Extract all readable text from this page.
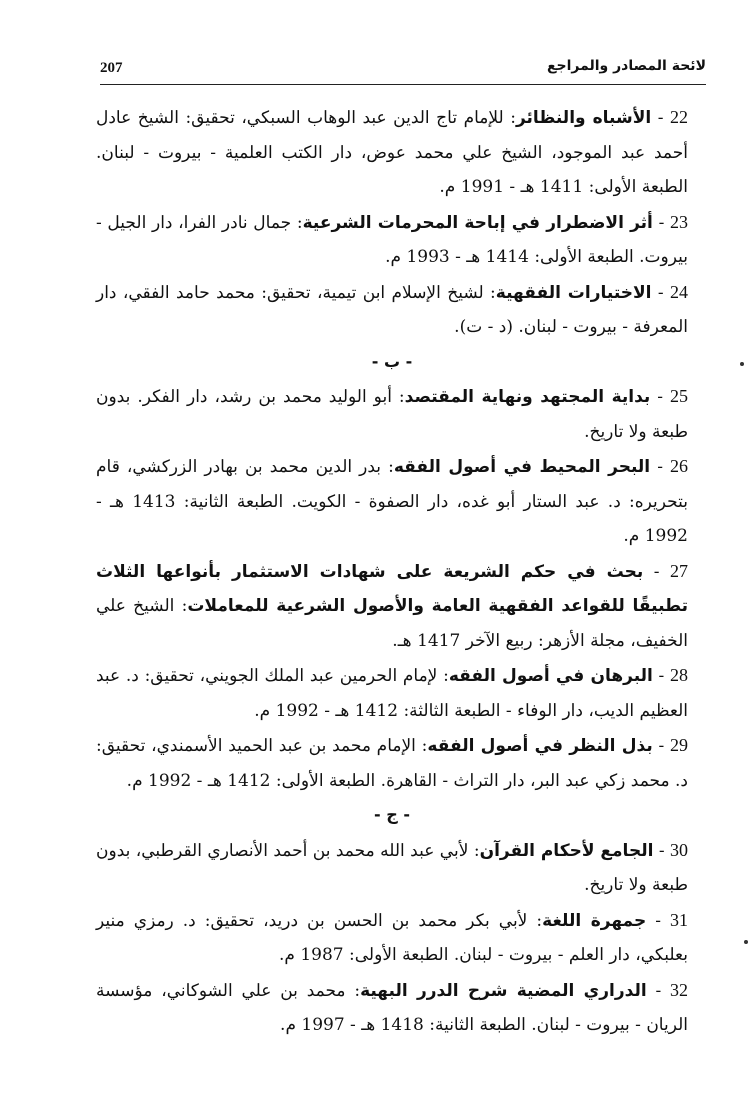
207	لائحة المصادر والمراجع

22 - الأشباه والنظائر: للإمام تاج الدين عبد الوهاب السبكي، تحقيق: الشيخ عادل أحمد عبد الموجود، الشيخ علي محمد عوض، دار الكتب العلمية - بيروت - لبنان. الطبعة الأولى: 1411 هـ - 1991 م.

23 - أثر الاضطرار في إباحة المحرمات الشرعية: جمال نادر الفرا، دار الجيل - بيروت. الطبعة الأولى: 1414 هـ - 1993 م.

24 - الاختيارات الفقهية: لشيخ الإسلام ابن تيمية، تحقيق: محمد حامد الفقي، دار المعرفة - بيروت - لبنان. (د - ت).

- ب -

25 - بداية المجتهد ونهاية المقتصد: أبو الوليد محمد بن رشد، دار الفكر. بدون طبعة ولا تاريخ.

26 - البحر المحيط في أصول الفقه: بدر الدين محمد بن بهادر الزركشي، قام بتحريره: د. عبد الستار أبو غده، دار الصفوة - الكويت. الطبعة الثانية: 1413 هـ - 1992 م.

27 - بحث في حكم الشريعة على شهادات الاستثمار بأنواعها الثلاث تطبيقًا للقواعد الفقهية العامة والأصول الشرعية للمعاملات: الشيخ علي الخفيف، مجلة الأزهر: ربيع الآخر 1417 هـ.

28 - البرهان في أصول الفقه: لإمام الحرمين عبد الملك الجويني، تحقيق: د. عبد العظيم الديب، دار الوفاء - الطبعة الثالثة: 1412 هـ - 1992 م.

29 - بذل النظر في أصول الفقه: الإمام محمد بن عبد الحميد الأسمندي، تحقيق: د. محمد زكي عبد البر، دار التراث - القاهرة. الطبعة الأولى: 1412 هـ - 1992 م.

- ج -

30 - الجامع لأحكام القرآن: لأبي عبد الله محمد بن أحمد الأنصاري القرطبي، بدون طبعة ولا تاريخ.

31 - جمهرة اللغة: لأبي بكر محمد بن الحسن بن دريد، تحقيق: د. رمزي منير بعلبكي، دار العلم - بيروت - لبنان. الطبعة الأولى: 1987 م.

32 - الدراري المضية شرح الدرر البهية: محمد بن علي الشوكاني، مؤسسة الريان - بيروت - لبنان. الطبعة الثانية: 1418 هـ - 1997 م.
